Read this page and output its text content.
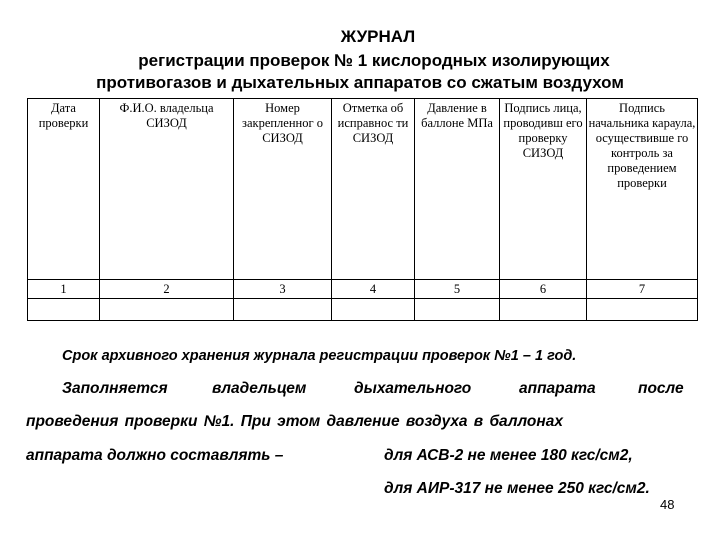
ЖУРНАЛ

регистрации проверок № 1 кислородных изолирующих

противогазов и дыхательных аппаратов со сжатым воздухом

Дата проверки	Ф.И.О. владельца СИЗОД	Номер закрепленног о СИЗОД	Отметка об исправнос ти СИЗОД	Давление в баллоне МПа	Подпись лица, проводивш его проверку СИЗОД	Подпись начальника караула, осуществивше го контроль за проведением проверки
1	2	3	4	5	6	7

Срок архивного хранения журнала регистрации проверок №1 – 1 год.

Заполняется	владельцем	дыхательного	аппарата	после

проведения проверки №1. При этом давление воздуха в баллонах

аппарата должно составлять –	для АСВ-2 не менее 180 кгс/см2,

для АИР-317 не менее 250 кгс/см2.

48
